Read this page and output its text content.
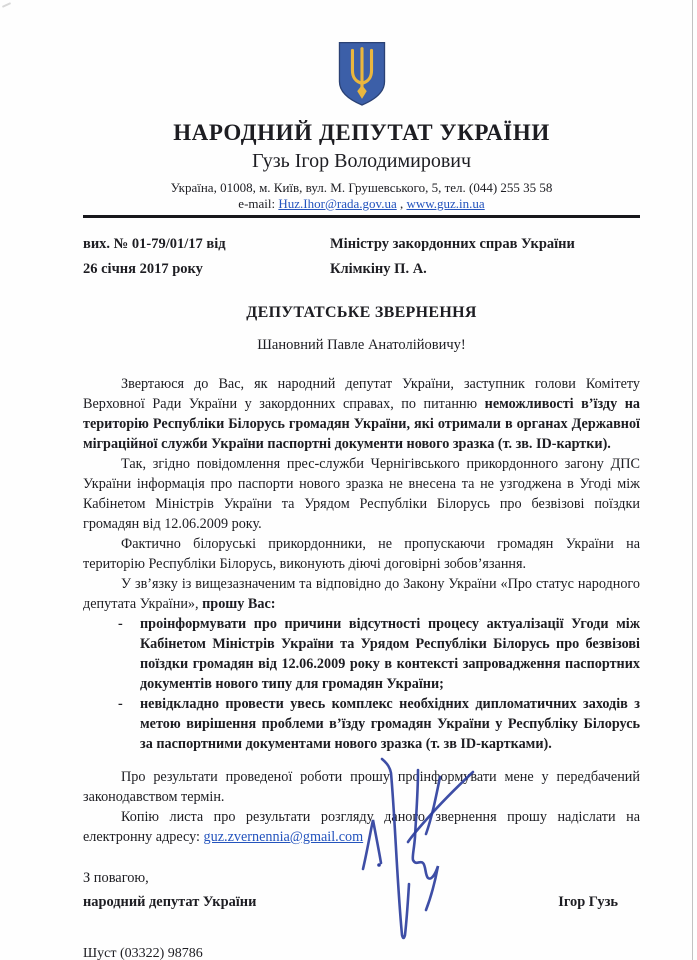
НАРОДНИЙ ДЕПУТАТ УКРАЇНИ
Гузь Ігор Володимирович
Україна, 01008, м. Київ, вул. М. Грушевського, 5, тел. (044) 255 35 58
e-mail: Huz.Ihor@rada.gov.ua , www.guz.in.ua
вих. № 01-79/01/17 від
26 січня 2017 року
Міністру закордонних справ України
Клімкіну П. А.
ДЕПУТАТСЬКЕ ЗВЕРНЕННЯ
Шановний Павле Анатолійовичу!

Звертаюся до Вас, як народний депутат України, заступник голови Комітету Верховної Ради України у закордонних справах, по питанню неможливості в’їзду на територію Республіки Білорусь громадян України, які отримали в органах Державної міграційної служби України паспортні документи нового зразка (т. зв. ID-картки).

Так, згідно повідомлення прес-служби Чернігівського прикордонного загону ДПС України інформація про паспорти нового зразка не внесена та не узгоджена в Угоді між Кабінетом Міністрів України та Урядом Республіки Білорусь про безвізові поїздки громадян від 12.06.2009 року.

Фактично білоруські прикордонники, не пропускаючи громадян України на територію Республіки Білорусь, виконують діючі договірні зобов’язання.

У зв’язку із вищезазначеним та відповідно до Закону України «Про статус народного депутата України», прошу Вас:

-	проінформувати про причини відсутності процесу актуалізації Угоди між Кабінетом Міністрів України та Урядом Республіки Білорусь про безвізові поїздки громадян від 12.06.2009 року в контексті запровадження паспортних документів нового типу для громадян України;
-	невідкладно провести увесь комплекс необхідних дипломатичних заходів з метою вирішення проблеми в’їзду громадян України у Республіку Білорусь за паспортними документами нового зразка (т. зв ID-картками).

Про результати проведеної роботи прошу проінформувати мене у передбачений законодавством термін.

Копію листа про результати розгляду даного звернення прошу надіслати на електронну адресу: guz.zvernennia@gmail.com

З повагою,
народний депутат України	Ігор Гузь
Шуст (03322) 98786
